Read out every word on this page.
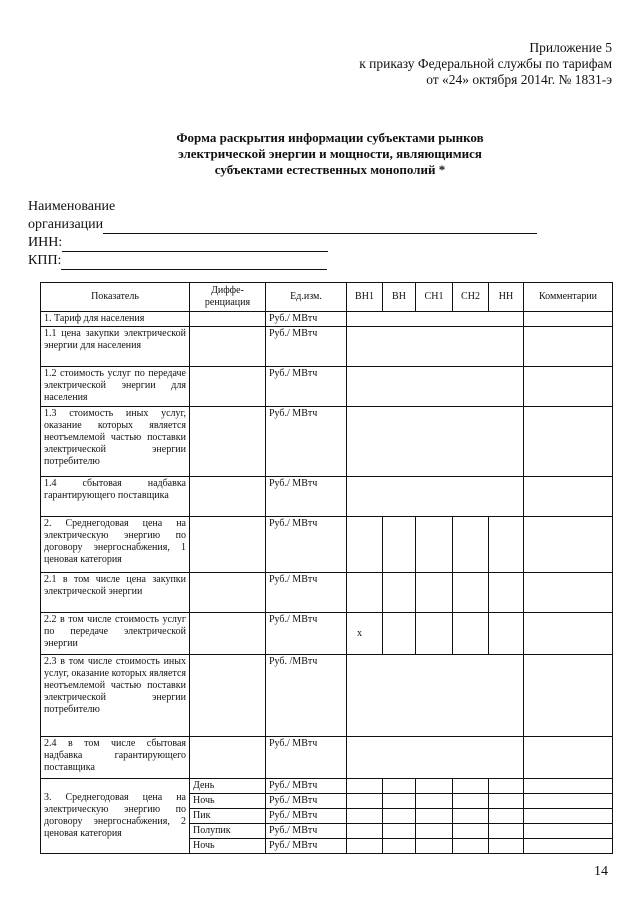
Приложение 5
к приказу Федеральной службы по тарифам
от «24» октября 2014г. № 1831-э
Форма раскрытия информации субъектами рынков
электрической энергии и мощности, являющимися
субъектами естественных монополий *
Наименование
организации
ИНН:
КПП:
Показатель	Диффе-ренциация	Ед.изм.	ВН1	ВН	СН1	СН2	НН	Комментарии
1. Тариф для населения		Руб./ МВтч						
1.1 цена закупки электрической энергии для населения		Руб./ МВтч						
1.2 стоимость услуг по передаче электрической энергии для населения		Руб./ МВтч						
1.3 стоимость иных услуг, оказание которых является неотъемлемой частью поставки электрической энергии потребителю		Руб./ МВтч						
1.4 сбытовая надбавка гарантирующего поставщика		Руб./ МВтч						
2. Среднегодовая цена на электрическую энергию по договору энергоснабжения, 1 ценовая категория		Руб./ МВтч						
2.1 в том числе цена закупки электрической энергии		Руб./ МВтч						
2.2 в том числе стоимость услуг по передаче электрической энергии		Руб./ МВтч	х					
2.3 в том числе стоимость иных услуг, оказание которых является неотъемлемой частью поставки электрической энергии потребителю		Руб. /МВтч						
2.4 в том числе сбытовая надбавка гарантирующего поставщика		Руб./ МВтч						
3. Среднегодовая цена на электрическую энергию по договору энергоснабжения, 2 ценовая категория	День	Руб./ МВтч						
	Ночь	Руб./ МВтч						
	Пик	Руб./ МВтч						
	Полупик	Руб./ МВтч						
	Ночь	Руб./ МВтч						
14
